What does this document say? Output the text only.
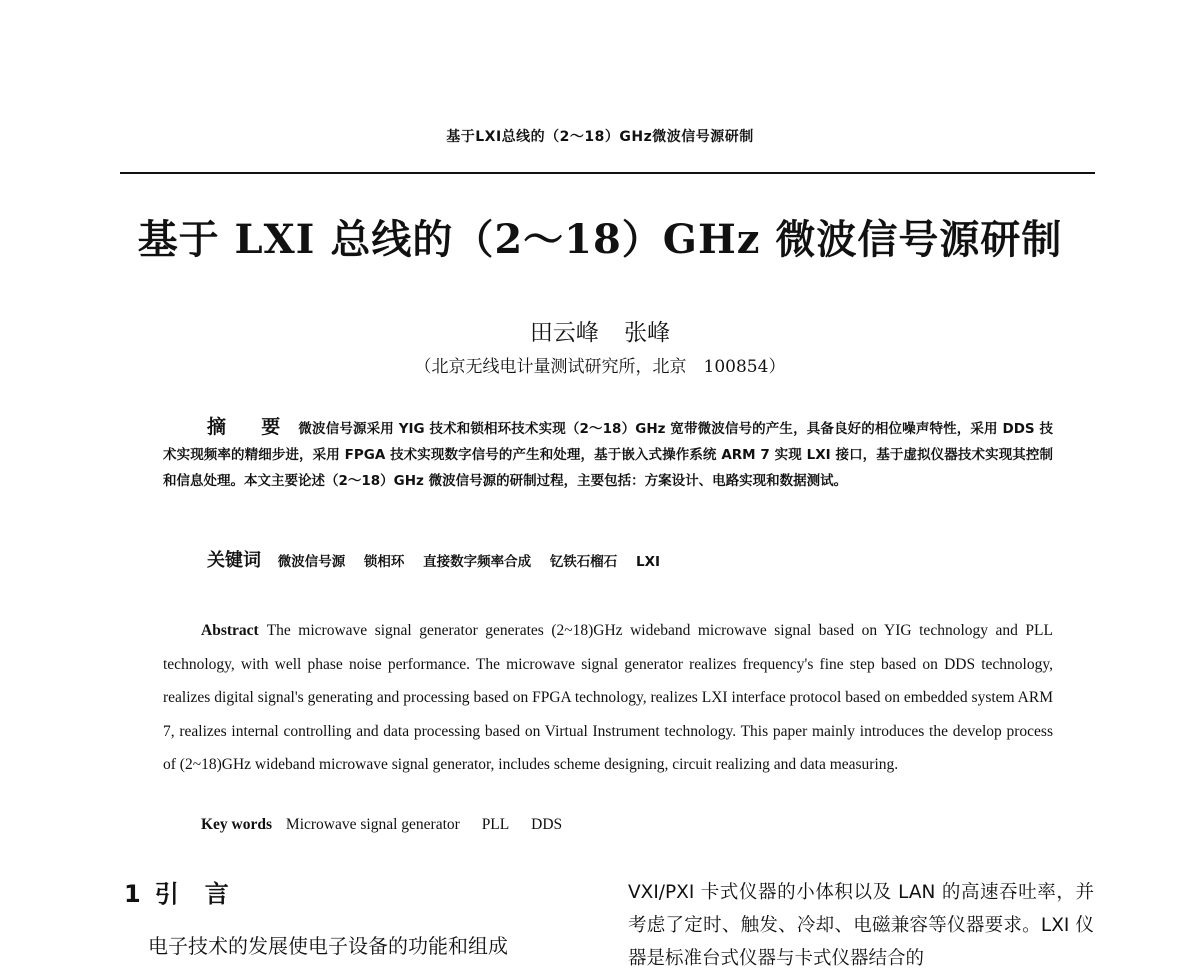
基于LXI总线的（2～18）GHz微波信号源研制
基于 LXI 总线的（2～18）GHz 微波信号源研制
田云峰 张峰
（北京无线电计量测试研究所，北京　100854）
摘　要 微波信号源采用 YIG 技术和锁相环技术实现（2～18）GHz 宽带微波信号的产生，具备良好的相位噪声特性，采用 DDS 技术实现频率的精细步进，采用 FPGA 技术实现数字信号的产生和处理，基于嵌入式操作系统 ARM 7 实现 LXI 接口，基于虚拟仪器技术实现其控制和信息处理。本文主要论述（2～18）GHz 微波信号源的研制过程，主要包括：方案设计、电路实现和数据测试。
关键词 微波信号源 锁相环 直接数字频率合成 钇铁石榴石 LXI
Abstract The microwave signal generator generates (2~18)GHz wideband microwave signal based on YIG technology and PLL technology, with well phase noise performance. The microwave signal generator realizes frequency's fine step based on DDS technology, realizes digital signal's generating and processing based on FPGA technology, realizes LXI interface protocol based on embedded system ARM 7, realizes internal controlling and data processing based on Virtual Instrument technology. This paper mainly introduces the develop process of (2~18)GHz wideband microwave signal generator, includes scheme designing, circuit realizing and data measuring.
Key words Microwave signal generator PLL DDS
1 引言
电子技术的发展使电子设备的功能和组成
VXI/PXI 卡式仪器的小体积以及 LAN 的高速吞吐率，并考虑了定时、触发、冷却、电磁兼容等仪器要求。LXI 仪器是标准台式仪器与卡式仪器结合的
